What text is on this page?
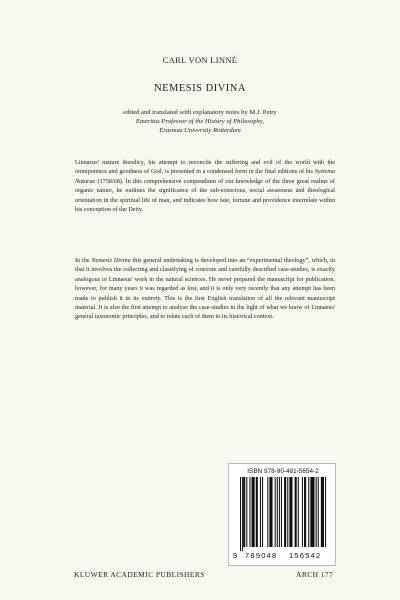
CARL VON LINNÉ
NEMESIS DIVINA
edited and translated with explanatory notes by M.J. Petry
Emeritus Professor of the History of Philosophy,
Erasmus University Rotterdam
Linnaeus' mature theodicy, his attempt to reconcile the suffering and evil of the world with the omnipotence and goodness of God, is presented in a condensed form in the final editions of his Systema Naturae (1758/68). In this comprehensive compendium of our knowledge of the three great realms of organic nature, he outlines the significance of the sub-conscious, social awareness and theological orientation in the spiritual life of man, and indicates how fate, fortune and providence interrelate within his conception of the Deity.
In the Nemesis Divina this general undertaking is developed into an “experimental theology”, which, in that it involves the collecting and classifying of concrete and carefully described case-studies, is exactly analogous to Linnaeus' work in the natural sciences. He never prepared the manuscript for publication, however, for many years it was regarded as lost, and it is only very recently that any attempt has been made to publish it in its entirety. This is the first English translation of all the relevant manuscript material. It is also the first attempt to analyse the case-studies in the light of what we know of Linnaeus' general taxonomic principles, and to relate each of them to its historical context.
ISBN 978-90-481-5654-2
9 789048 156542
KLUWER ACADEMIC PUBLISHERS	ARCH 177
